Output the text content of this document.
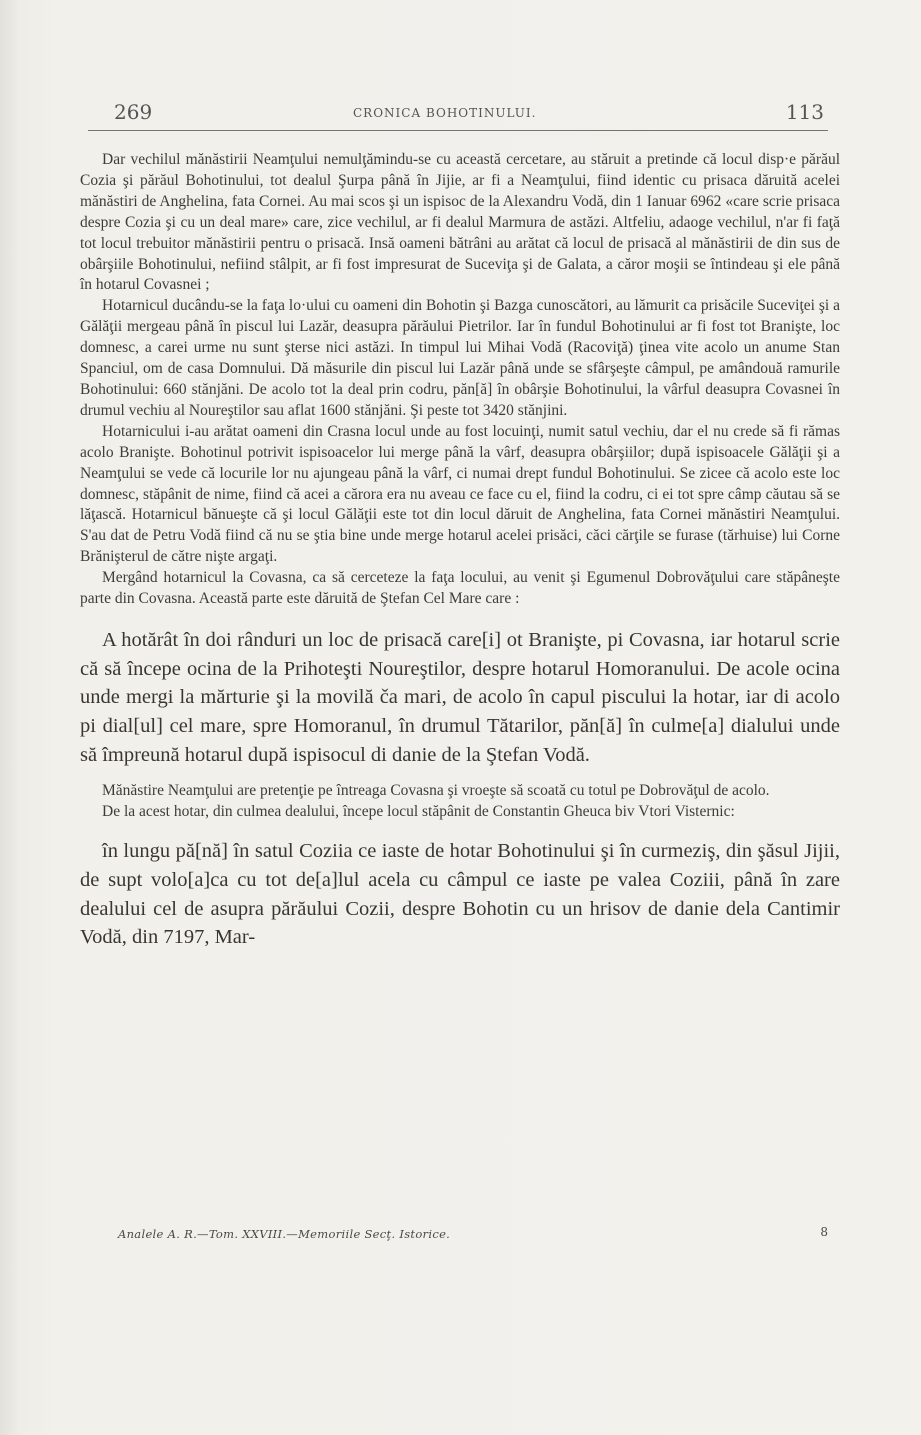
269	CRONICA BOHOTINULUI.	113

Dar vechilul mănăstirii Neamţului nemulţămindu-se cu această cercetare, au stăruit a pretinde că locul disp·e părăul Cozia şi părăul Bohotinului, tot dealul Şurpa până în Jijie, ar fi a Neamţului, fiind identic cu prisaca dăruită acelei mănăstiri de Anghelina, fata Cornei. Au mai scos şi un ispisoc de la Alexandru Vodă, din 1 Ianuar 6962 «care scrie prisaca despre Cozia şi cu un deal mare» care, zice vechilul, ar fi dealul Marmura de astăzi. Altfeliu, adaoge vechilul, n'ar fi faţă tot locul trebuitor mănăstirii pentru o prisacă. Insă oameni bătrâni au arătat că locul de prisacă al mănăstirii de din sus de obârşiile Bohotinului, nefiind stâlpit, ar fi fost impresurat de Suceviţa şi de Galata, a căror moşii se întindeau şi ele până în hotarul Covasnei ;

Hotarnicul ducându-se la faţa lo·ului cu oameni din Bohotin şi Bazga cunoscători, au lămurit ca prisăcile Suceviţei şi a Gălăţii mergeau până în piscul lui Lazăr, deasupra părăului Pietrilor. Iar în fundul Bohotinului ar fi fost tot Branişte, loc domnesc, a carei urme nu sunt şterse nici astăzi. In timpul lui Mihai Vodă (Racoviţă) ţinea vite acolo un anume Stan Spanciul, om de casa Domnului. Dă măsurile din piscul lui Lazăr până unde se sfârşeşte câmpul, pe amândouă ramurile Bohotinului: 660 stănjăni. De acolo tot la deal prin codru, păn[ă] în obârşie Bohotinului, la vârful deasupra Covasnei în drumul vechiu al Noureştilor sau aflat 1600 stănjăni. Şi peste tot 3420 stănjini.

Hotarnicului i-au arătat oameni din Crasna locul unde au fost locuinţi, numit satul vechiu, dar el nu crede să fi rămas acolo Branişte. Bohotinul potrivit ispisoacelor lui merge până la vârf, deasupra obârşiilor; după ispisoacele Gălăţii şi a Neamţului se vede că locurile lor nu ajungeau până la vârf, ci numai drept fundul Bohotinului. Se zicee că acolo este loc domnesc, stăpânit de nime, fiind că acei a cărora era nu aveau ce face cu el, fiind la codru, ci ei tot spre câmp căutau să se lăţască. Hotarnicul bănueşte că şi locul Gălăţii este tot din locul dăruit de Anghelina, fata Cornei mănăstiri Neamţului. S'au dat de Petru Vodă fiind că nu se ştia bine unde merge hotarul acelei prisăci, căci cărţile se furase (tărhuise) lui Corne Brănişterul de către nişte argaţi.

Mergând hotarnicul la Covasna, ca să cerceteze la faţa locului, au venit şi Egumenul Dobrovăţului care stăpâneşte parte din Covasna. Această parte este dăruită de Ştefan Cel Mare care :

A hotărât în doi rânduri un loc de prisacă care[i] ot Branişte, pi Covasna, iar hotarul scrie că să începe ocina de la Prihoteşti Noureştilor, despre hotarul Homoranului. De acole ocina unde mergi la mărturie şi la movilă ča mari, de acolo în capul piscului la hotar, iar di acolo pi dial[ul] cel mare, spre Homoranul, în drumul Tătarilor, păn[ă] în culme[a] dialului unde să împreună hotarul după ispisocul di danie de la Ştefan Vodă.

Mănăstire Neamţului are pretenţie pe întreaga Covasna şi vroeşte să scoată cu totul pe Dobrovăţul de acolo.

De la acest hotar, din culmea dealului, începe locul stăpânit de Constantin Gheuca biv Vtori Visternic:

în lungu pă[nă] în satul Coziia ce iaste de hotar Bohotinului şi în curmeziş, din şăsul Jijii, de supt volo[a]ca cu tot de[a]lul acela cu câmpul ce iaste pe valea Coziii, până în zare dealului cel de asupra părăului Cozii, despre Bohotin cu un hrisov de danie dela Cantimir Vodă, din 7197, Mar-

Analele A. R.—Tom. XXVIII.—Memoriile Secţ. Istorice.	8
